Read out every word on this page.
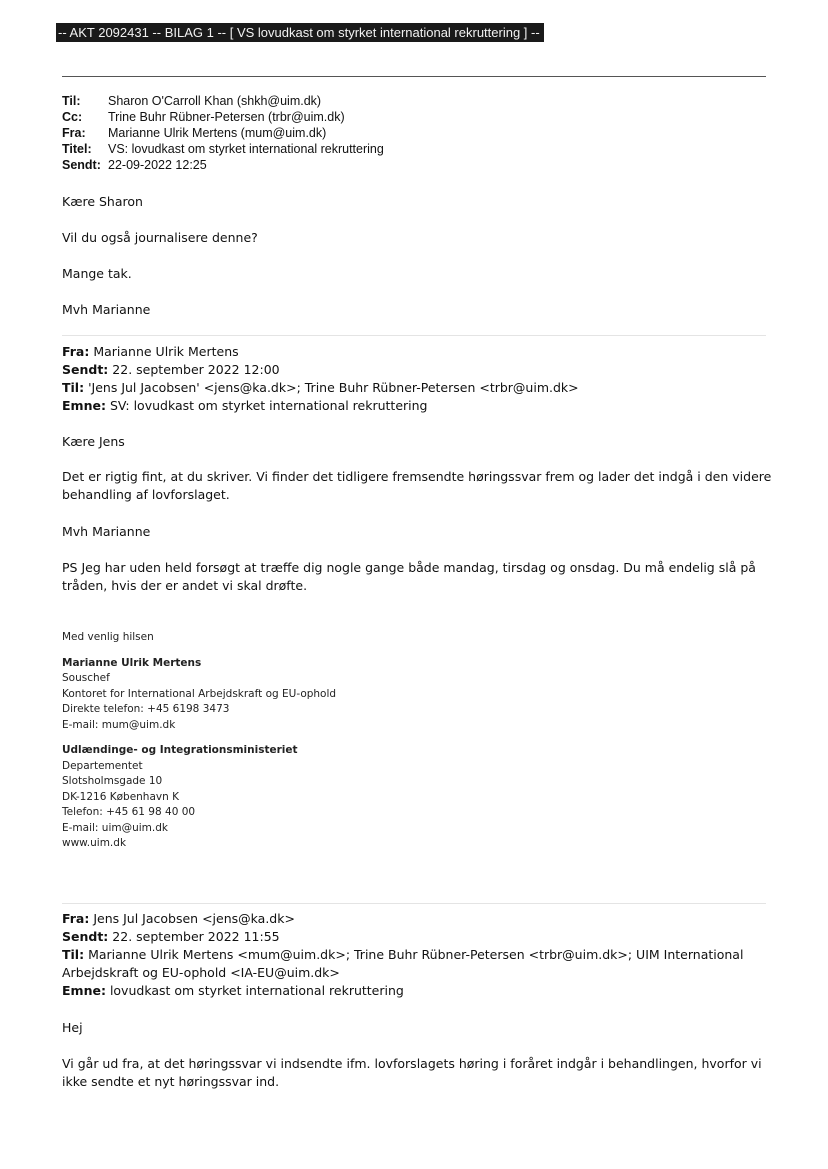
-- AKT 2092431 -- BILAG 1 -- [ VS lovudkast om styrket international rekruttering ] --
Til:	Sharon O'Carroll Khan (shkh@uim.dk)
Cc:	Trine Buhr Rübner-Petersen (trbr@uim.dk)
Fra:	Marianne Ulrik Mertens (mum@uim.dk)
Titel:	VS: lovudkast om styrket international rekruttering
Sendt: 22-09-2022 12:25
Kære Sharon
Vil du også journalisere denne?
Mange tak.
Mvh Marianne

Fra: Marianne Ulrik Mertens

Sendt: 22. september 2022 12:00

Til: 'Jens Jul Jacobsen' <jens@ka.dk>; Trine Buhr Rübner-Petersen <trbr@uim.dk>

Emne: SV: lovudkast om styrket international rekruttering

Kære Jens
Det er rigtig fint, at du skriver. Vi finder det tidligere fremsendte høringssvar frem og lader det indgå i den videre behandling af lovforslaget.
Mvh Marianne
PS Jeg har uden held forsøgt at træffe dig nogle gange både mandag, tirsdag og onsdag. Du må endelig slå på tråden, hvis der er andet vi skal drøfte.

Med venlig hilsen

Marianne Ulrik Mertens

Souschef

Kontoret for International Arbejdskraft og EU-ophold

Direkte telefon: +45 6198 3473

E-mail: mum@uim.dk

Udlændinge- og Integrationsministeriet

Departementet

Slotsholmsgade 10

DK-1216 København K

Telefon: +45 61 98 40 00

E-mail: uim@uim.dk

www.uim.dk

Fra: Jens Jul Jacobsen <jens@ka.dk>

Sendt: 22. september 2022 11:55

Til: Marianne Ulrik Mertens <mum@uim.dk>; Trine Buhr Rübner-Petersen <trbr@uim.dk>; UIM International Arbejdskraft og EU-ophold <IA-EU@uim.dk>

Emne: lovudkast om styrket international rekruttering

Hej
Vi går ud fra, at det høringssvar vi indsendte ifm. lovforslagets høring i foråret indgår i behandlingen, hvorfor vi ikke sendte et nyt høringssvar ind.
